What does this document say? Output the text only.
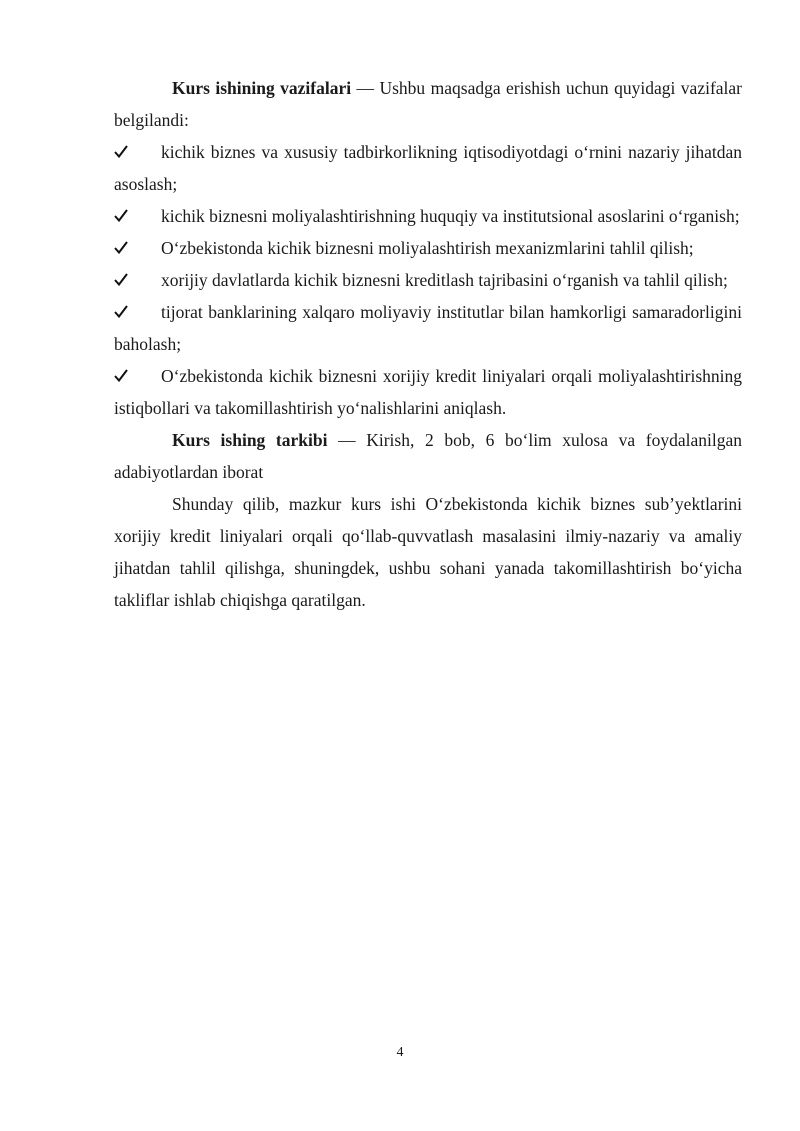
Kurs ishining vazifalari — Ushbu maqsadga erishish uchun quyidagi vazifalar belgilandi:

kichik biznes va xususiy tadbirkorlikning iqtisodiyotdagi o‘rnini nazariy jihatdan asoslash;

kichik biznesni moliyalashtirishning huquqiy va institutsional asoslarini o‘rganish;

O‘zbekistonda kichik biznesni moliyalashtirish mexanizmlarini tahlil qilish;

xorijiy davlatlarda kichik biznesni kreditlash tajribasini o‘rganish va tahlil qilish;

tijorat banklarining xalqaro moliyaviy institutlar bilan hamkorligi samaradorligini baholash;

O‘zbekistonda kichik biznesni xorijiy kredit liniyalari orqali moliyalashtirishning istiqbollari va takomillashtirish yo‘nalishlarini aniqlash.

Kurs ishing tarkibi — Kirish, 2 bob, 6 bo‘lim xulosa va foydalanilgan adabiyotlardan iborat

Shunday qilib, mazkur kurs ishi O‘zbekistonda kichik biznes sub’yektlarini xorijiy kredit liniyalari orqali qo‘llab-quvvatlash masalasini ilmiy-nazariy va amaliy jihatdan tahlil qilishga, shuningdek, ushbu sohani yanada takomillashtirish bo‘yicha takliflar ishlab chiqishga qaratilgan.

4
